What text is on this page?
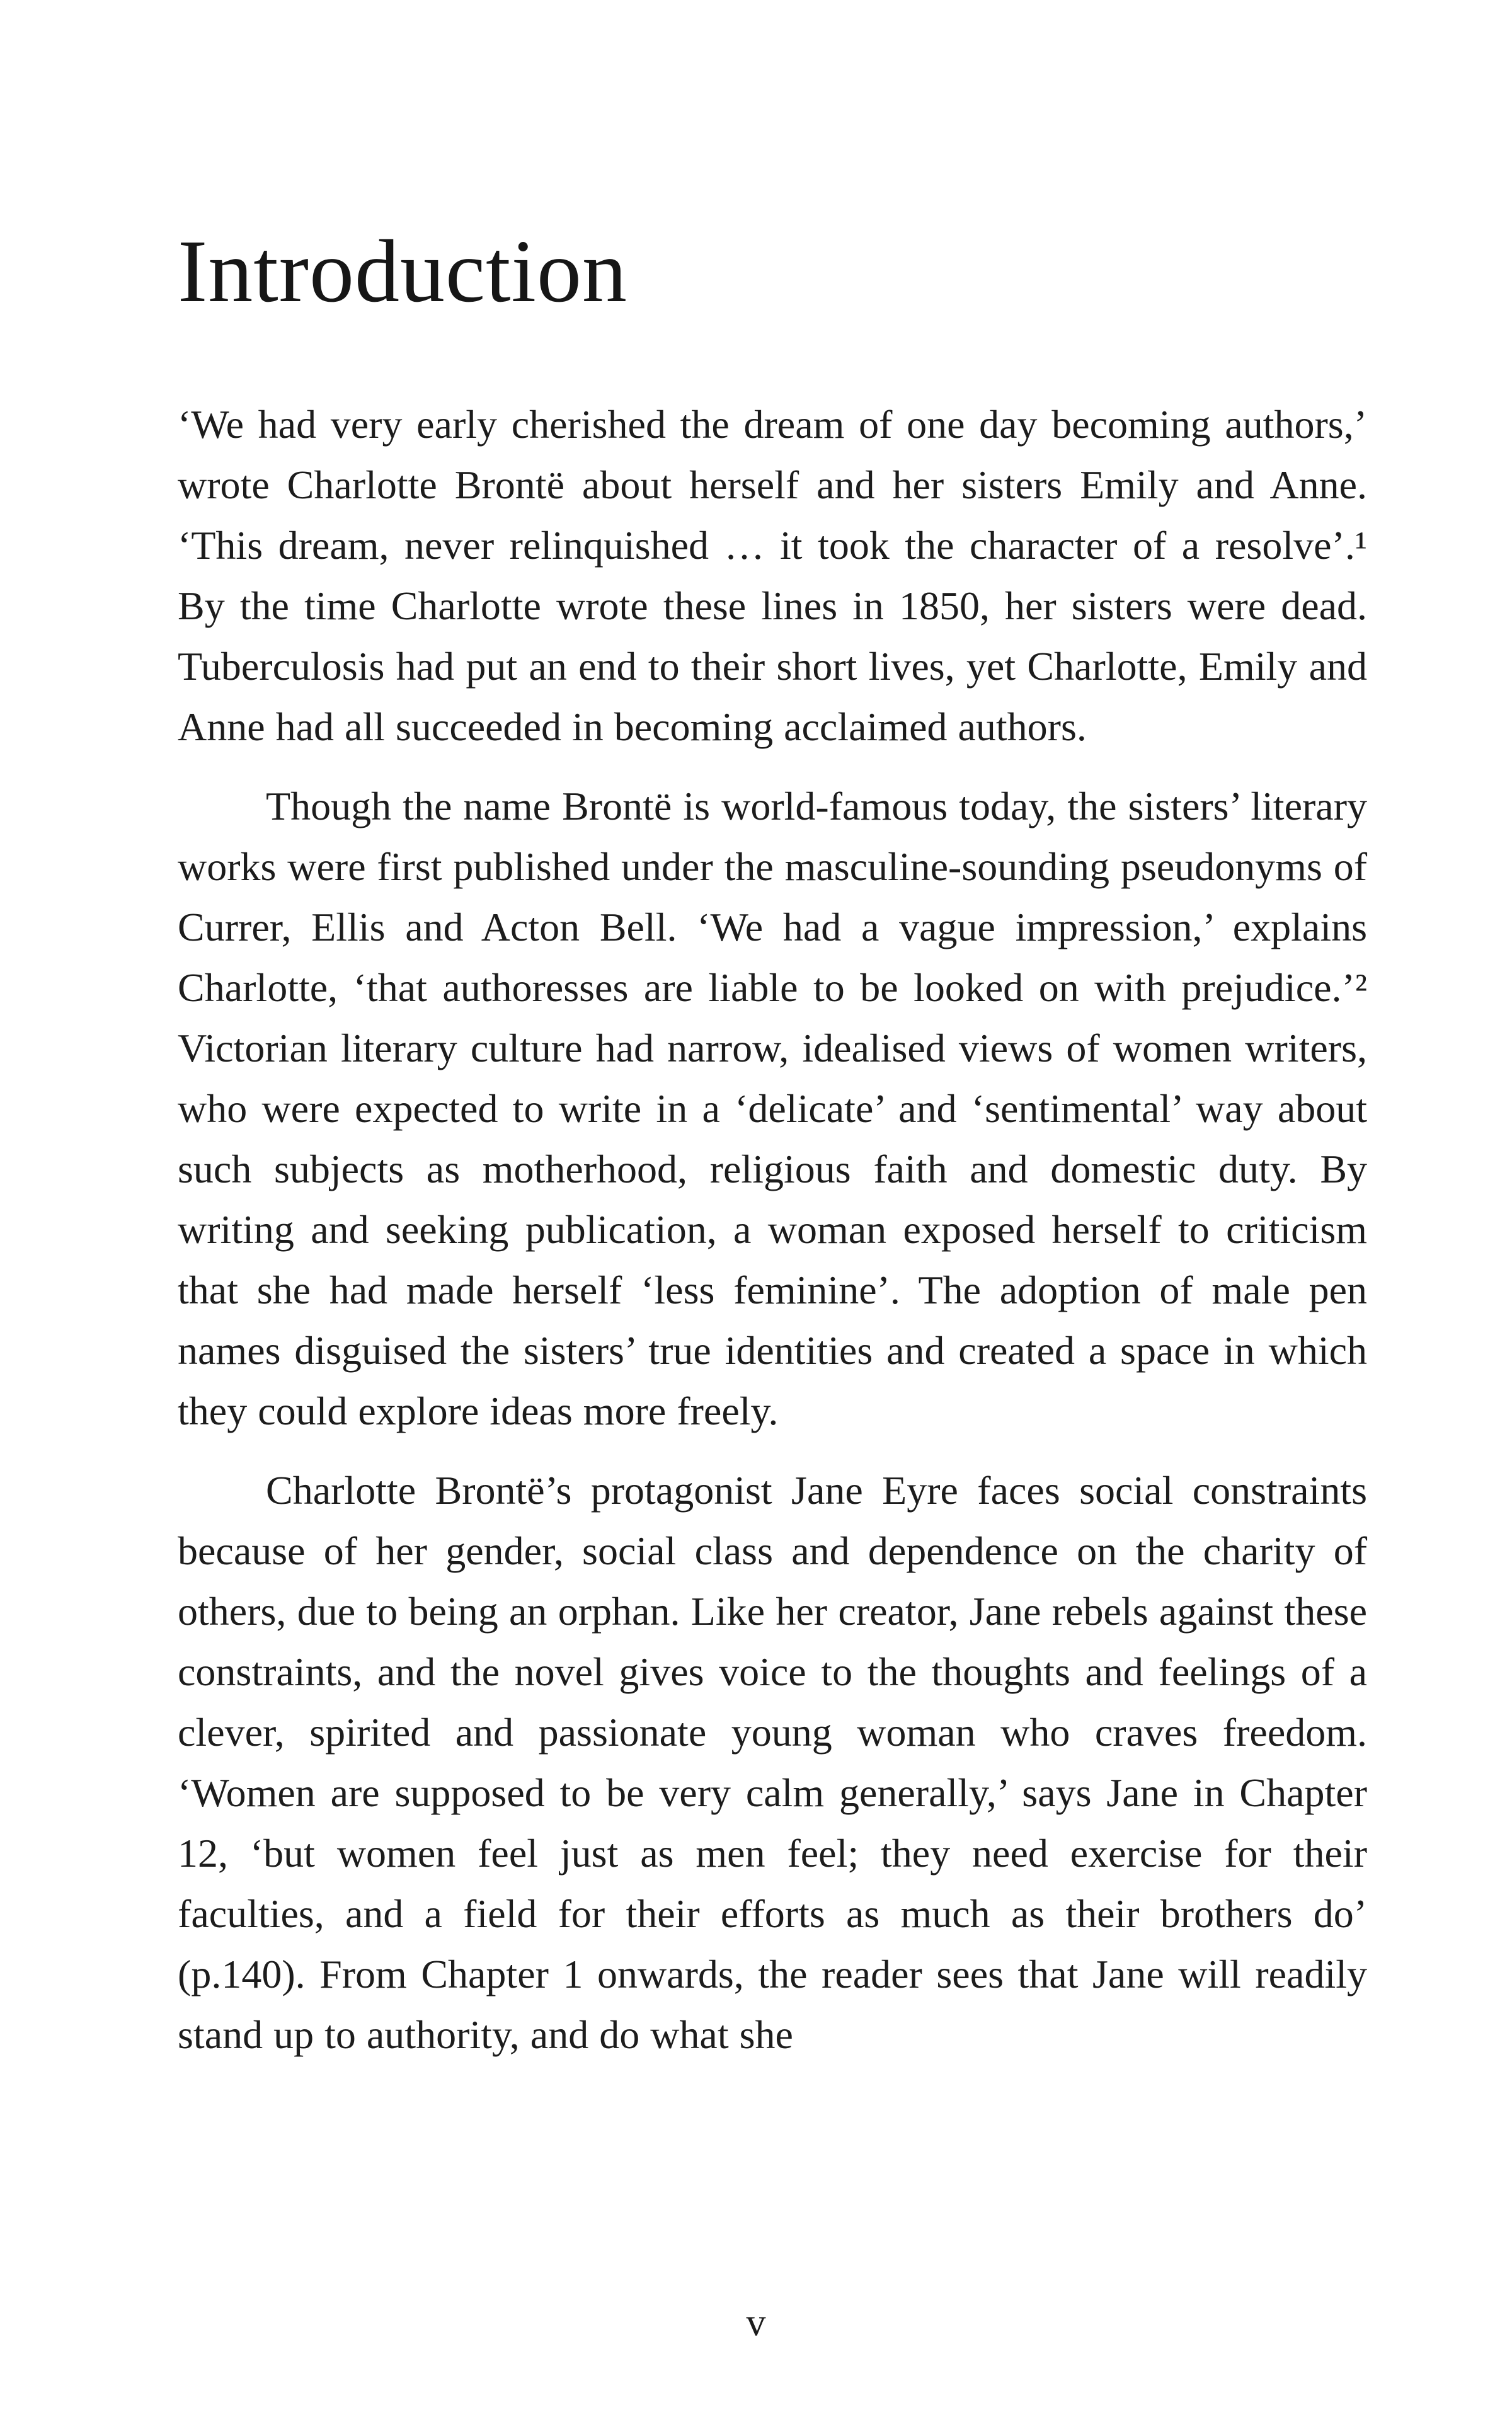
Introduction

‘We had very early cherished the dream of one day becoming authors,’ wrote Charlotte Brontë about herself and her sisters Emily and Anne. ‘This dream, never relinquished … it took the character of a resolve’.¹ By the time Charlotte wrote these lines in 1850, her sisters were dead. Tuberculosis had put an end to their short lives, yet Charlotte, Emily and Anne had all succeeded in becoming acclaimed authors.

Though the name Brontë is world-famous today, the sisters’ literary works were first published under the masculine-sounding pseudonyms of Currer, Ellis and Acton Bell. ‘We had a vague impression,’ explains Charlotte, ‘that authoresses are liable to be looked on with prejudice.’² Victorian literary culture had narrow, idealised views of women writers, who were expected to write in a ‘delicate’ and ‘sentimental’ way about such subjects as motherhood, religious faith and domestic duty. By writing and seeking publication, a woman exposed herself to criticism that she had made herself ‘less feminine’. The adoption of male pen names disguised the sisters’ true identities and created a space in which they could explore ideas more freely.

Charlotte Brontë’s protagonist Jane Eyre faces social constraints because of her gender, social class and dependence on the charity of others, due to being an orphan. Like her creator, Jane rebels against these constraints, and the novel gives voice to the thoughts and feelings of a clever, spirited and passionate young woman who craves freedom. ‘Women are supposed to be very calm generally,’ says Jane in Chapter 12, ‘but women feel just as men feel; they need exercise for their faculties, and a field for their efforts as much as their brothers do’ (p.140). From Chapter 1 onwards, the reader sees that Jane will readily stand up to authority, and do what she

v
